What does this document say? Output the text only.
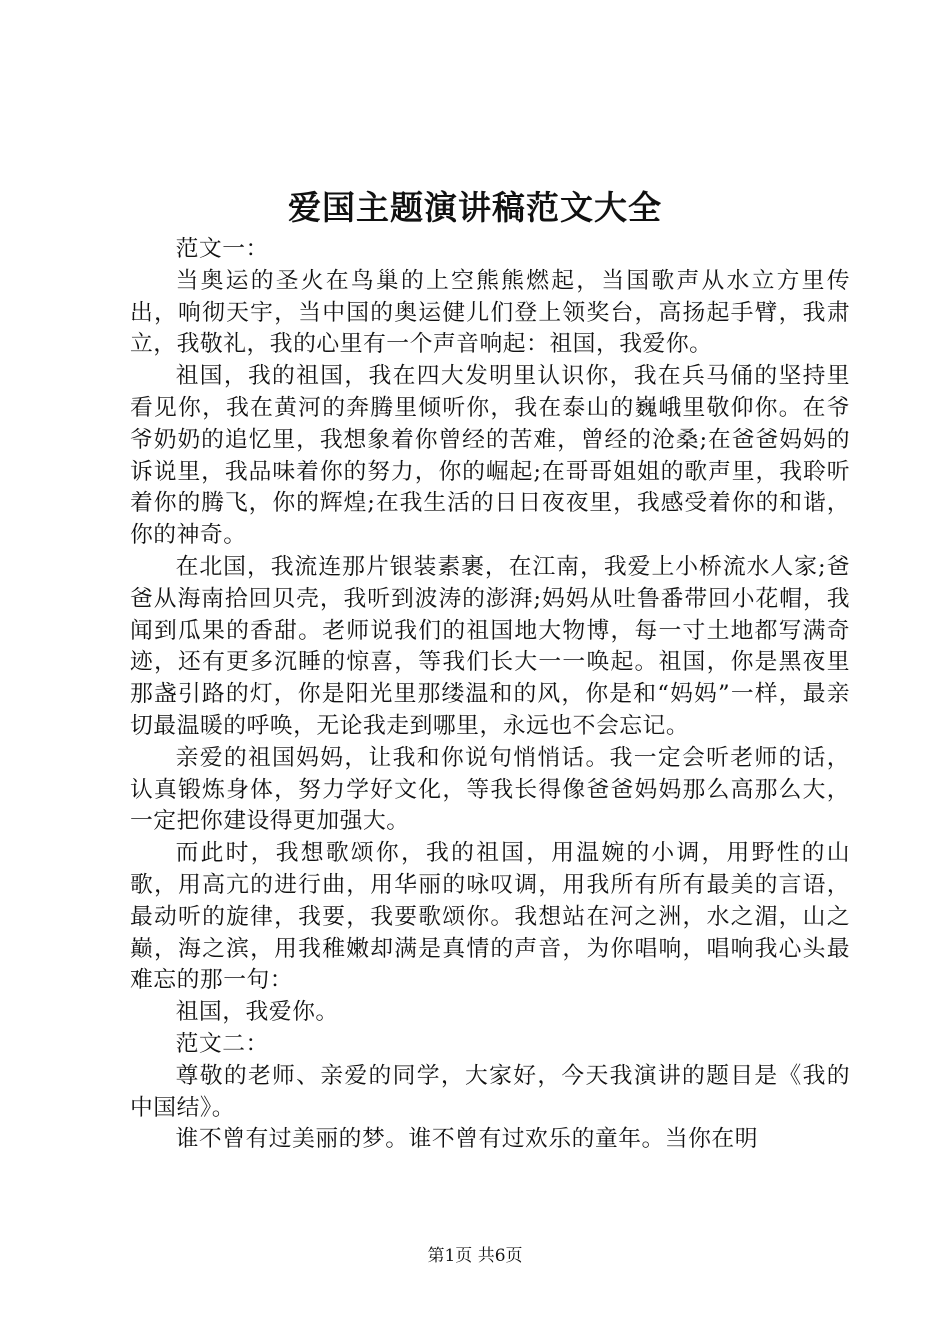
爱国主题演讲稿范文大全

范文一：

当奥运的圣火在鸟巢的上空熊熊燃起，当国歌声从水立方里传出，响彻天宇，当中国的奥运健儿们登上领奖台，高扬起手臂，我肃立，我敬礼，我的心里有一个声音响起：祖国，我爱你。

祖国，我的祖国，我在四大发明里认识你，我在兵马俑的坚持里看见你，我在黄河的奔腾里倾听你，我在泰山的巍峨里敬仰你。在爷爷奶奶的追忆里，我想象着你曾经的苦难，曾经的沧桑;在爸爸妈妈的诉说里，我品味着你的努力，你的崛起;在哥哥姐姐的歌声里，我聆听着你的腾飞，你的辉煌;在我生活的日日夜夜里，我感受着你的和谐，你的神奇。

在北国，我流连那片银装素裹，在江南，我爱上小桥流水人家;爸爸从海南拾回贝壳，我听到波涛的澎湃;妈妈从吐鲁番带回小花帽，我闻到瓜果的香甜。老师说我们的祖国地大物博，每一寸土地都写满奇迹，还有更多沉睡的惊喜，等我们长大一一唤起。祖国，你是黑夜里那盏引路的灯，你是阳光里那缕温和的风，你是和“妈妈”一样，最亲切最温暖的呼唤，无论我走到哪里，永远也不会忘记。

亲爱的祖国妈妈，让我和你说句悄悄话。我一定会听老师的话，认真锻炼身体，努力学好文化，等我长得像爸爸妈妈那么高那么大，一定把你建设得更加强大。

而此时，我想歌颂你，我的祖国，用温婉的小调，用野性的山歌，用高亢的进行曲，用华丽的咏叹调，用我所有所有最美的言语，最动听的旋律，我要，我要歌颂你。我想站在河之洲，水之湄，山之巅，海之滨，用我稚嫩却满是真情的声音，为你唱响，唱响我心头最难忘的那一句：

祖国，我爱你。

范文二：

尊敬的老师、亲爱的同学，大家好，今天我演讲的题目是《我的中国结》。

谁不曾有过美丽的梦。谁不曾有过欢乐的童年。当你在明

第1页 共6页
